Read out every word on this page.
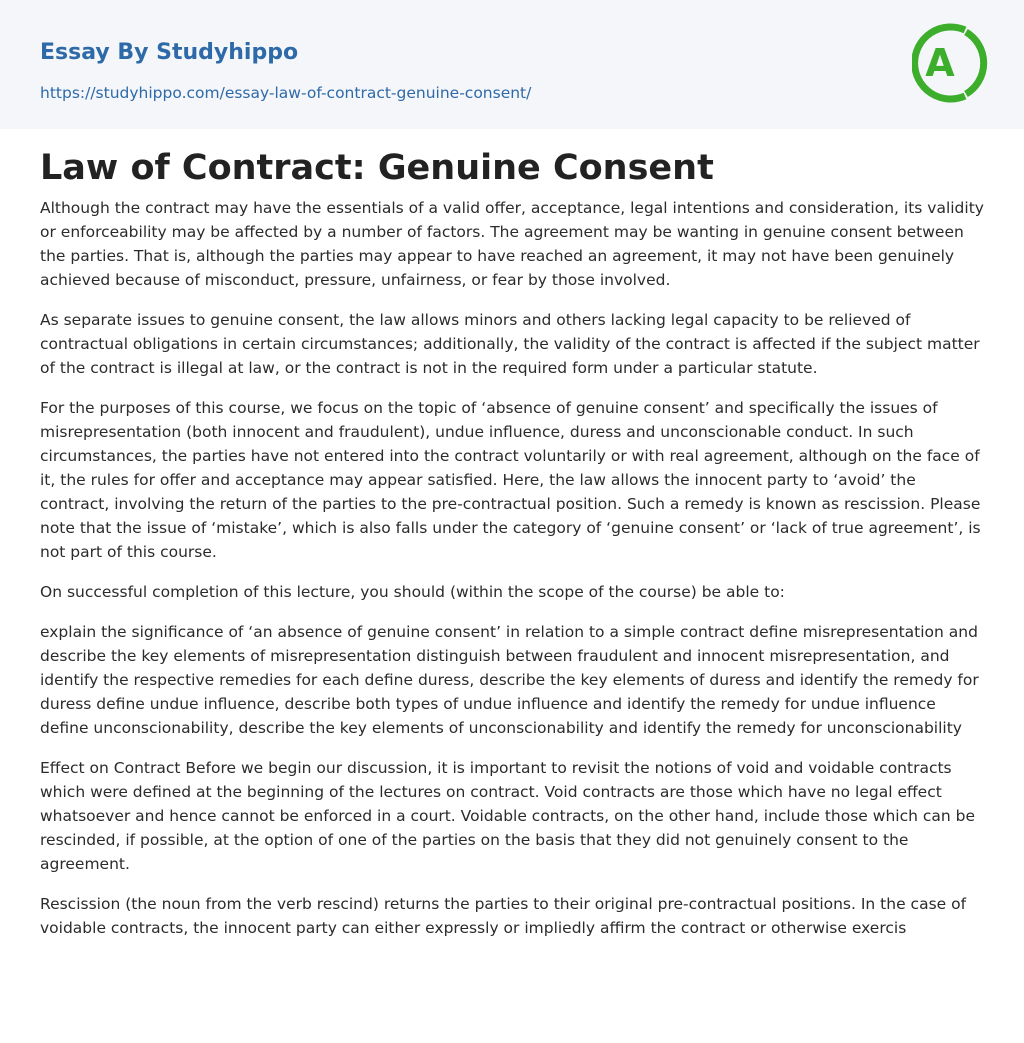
Essay By Studyhippo
https://studyhippo.com/essay-law-of-contract-genuine-consent/
A
Law of Contract: Genuine Consent

Although the contract may have the essentials of a valid offer, acceptance, legal intentions and consideration, its validity or enforceability may be affected by a number of factors. The agreement may be wanting in genuine consent between the parties. That is, although the parties may appear to have reached an agreement, it may not have been genuinely achieved because of misconduct, pressure, unfairness, or fear by those involved.

As separate issues to genuine consent, the law allows minors and others lacking legal capacity to be relieved of contractual obligations in certain circumstances; additionally, the validity of the contract is affected if the subject matter of the contract is illegal at law, or the contract is not in the required form under a particular statute.

For the purposes of this course, we focus on the topic of ‘absence of genuine consent’ and specifically the issues of misrepresentation (both innocent and fraudulent), undue influence, duress and unconscionable conduct. In such circumstances, the parties have not entered into the contract voluntarily or with real agreement, although on the face of it, the rules for offer and acceptance may appear satisfied. Here, the law allows the innocent party to ‘avoid’ the contract, involving the return of the parties to the pre-contractual position. Such a remedy is known as rescission. Please note that the issue of ‘mistake’, which is also falls under the category of ‘genuine consent’ or ‘lack of true agreement’, is not part of this course.

On successful completion of this lecture, you should (within the scope of the course) be able to:

explain the significance of ‘an absence of genuine consent’ in relation to a simple contract define misrepresentation and describe the key elements of misrepresentation distinguish between fraudulent and innocent misrepresentation, and identify the respective remedies for each define duress, describe the key elements of duress and identify the remedy for duress define undue influence, describe both types of undue influence and identify the remedy for undue influence define unconscionability, describe the key elements of unconscionability and identify the remedy for unconscionability

Effect on Contract Before we begin our discussion, it is important to revisit the notions of void and voidable contracts which were defined at the beginning of the lectures on contract. Void contracts are those which have no legal effect whatsoever and hence cannot be enforced in a court. Voidable contracts, on the other hand, include those which can be rescinded, if possible, at the option of one of the parties on the basis that they did not genuinely consent to the agreement.

Rescission (the noun from the verb rescind) returns the parties to their original pre-contractual positions. In the case of voidable contracts, the innocent party can either expressly or impliedly affirm the contract or otherwise exercis
